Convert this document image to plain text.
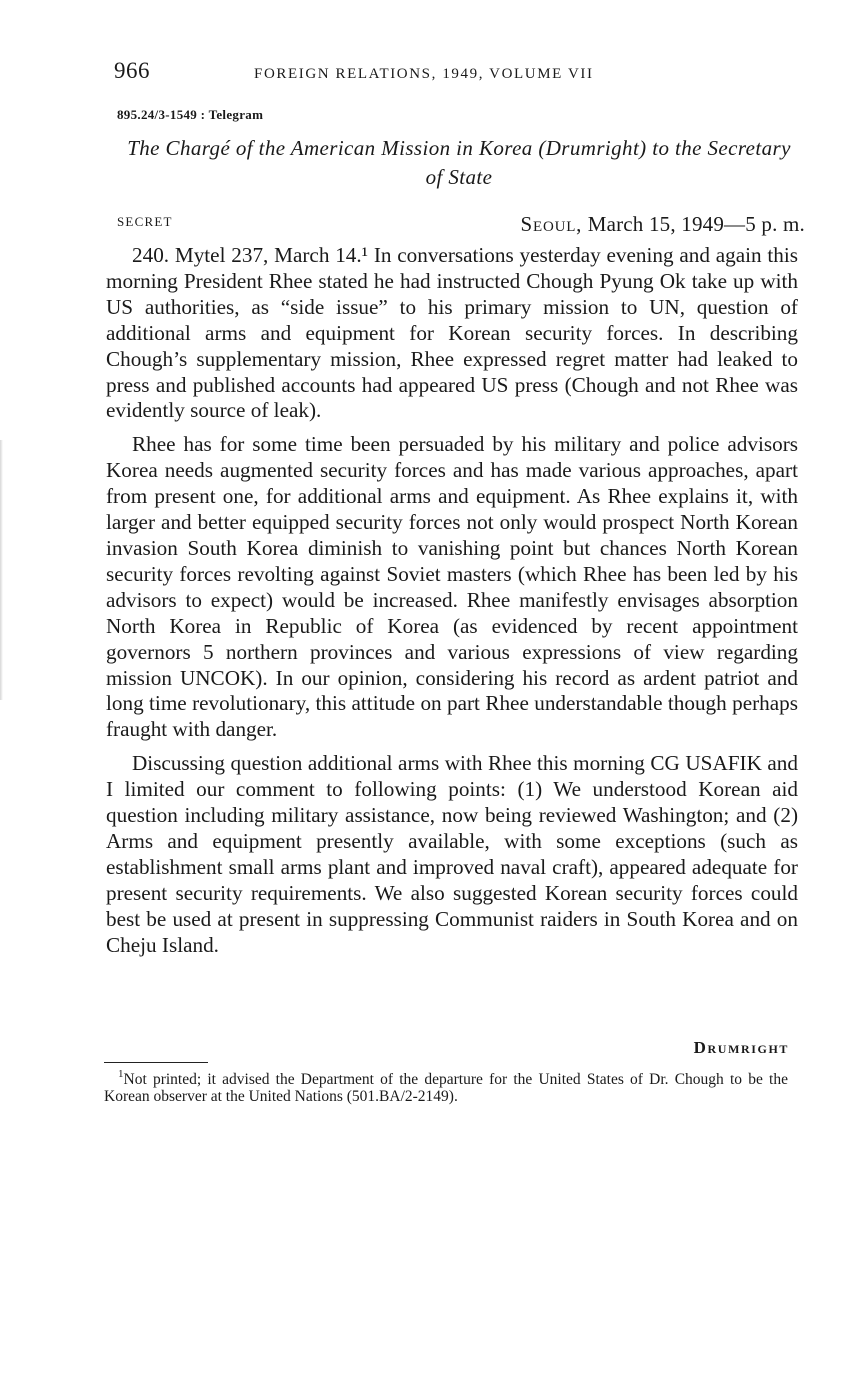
966	FOREIGN RELATIONS, 1949, VOLUME VII
895.24/3-1549 : Telegram
The Chargé of the American Mission in Korea (Drumright) to the Secretary of State
SECRET	Seoul, March 15, 1949—5 p. m.

240. Mytel 237, March 14.¹ In conversations yesterday evening and again this morning President Rhee stated he had instructed Chough Pyung Ok take up with US authorities, as “side issue” to his primary mission to UN, question of additional arms and equipment for Korean security forces. In describing Chough’s supplementary mission, Rhee expressed regret matter had leaked to press and published accounts had appeared US press (Chough and not Rhee was evidently source of leak).

Rhee has for some time been persuaded by his military and police advisors Korea needs augmented security forces and has made various approaches, apart from present one, for additional arms and equipment. As Rhee explains it, with larger and better equipped security forces not only would prospect North Korean invasion South Korea diminish to vanishing point but chances North Korean security forces revolting against Soviet masters (which Rhee has been led by his advisors to expect) would be increased. Rhee manifestly envisages absorption North Korea in Republic of Korea (as evidenced by recent appointment governors 5 northern provinces and various expressions of view regarding mission UNCOK). In our opinion, considering his record as ardent patriot and long time revolutionary, this attitude on part Rhee understandable though perhaps fraught with danger.

Discussing question additional arms with Rhee this morning CG USAFIK and I limited our comment to following points: (1) We understood Korean aid question including military assistance, now being reviewed Washington; and (2) Arms and equipment presently available, with some exceptions (such as establishment small arms plant and improved naval craft), appeared adequate for present security requirements. We also suggested Korean security forces could best be used at present in suppressing Communist raiders in South Korea and on Cheju Island.

Drumright
$^1$Not printed; it advised the Department of the departure for the United States of Dr. Chough to be the Korean observer at the United Nations (501.BA/2-2149).
